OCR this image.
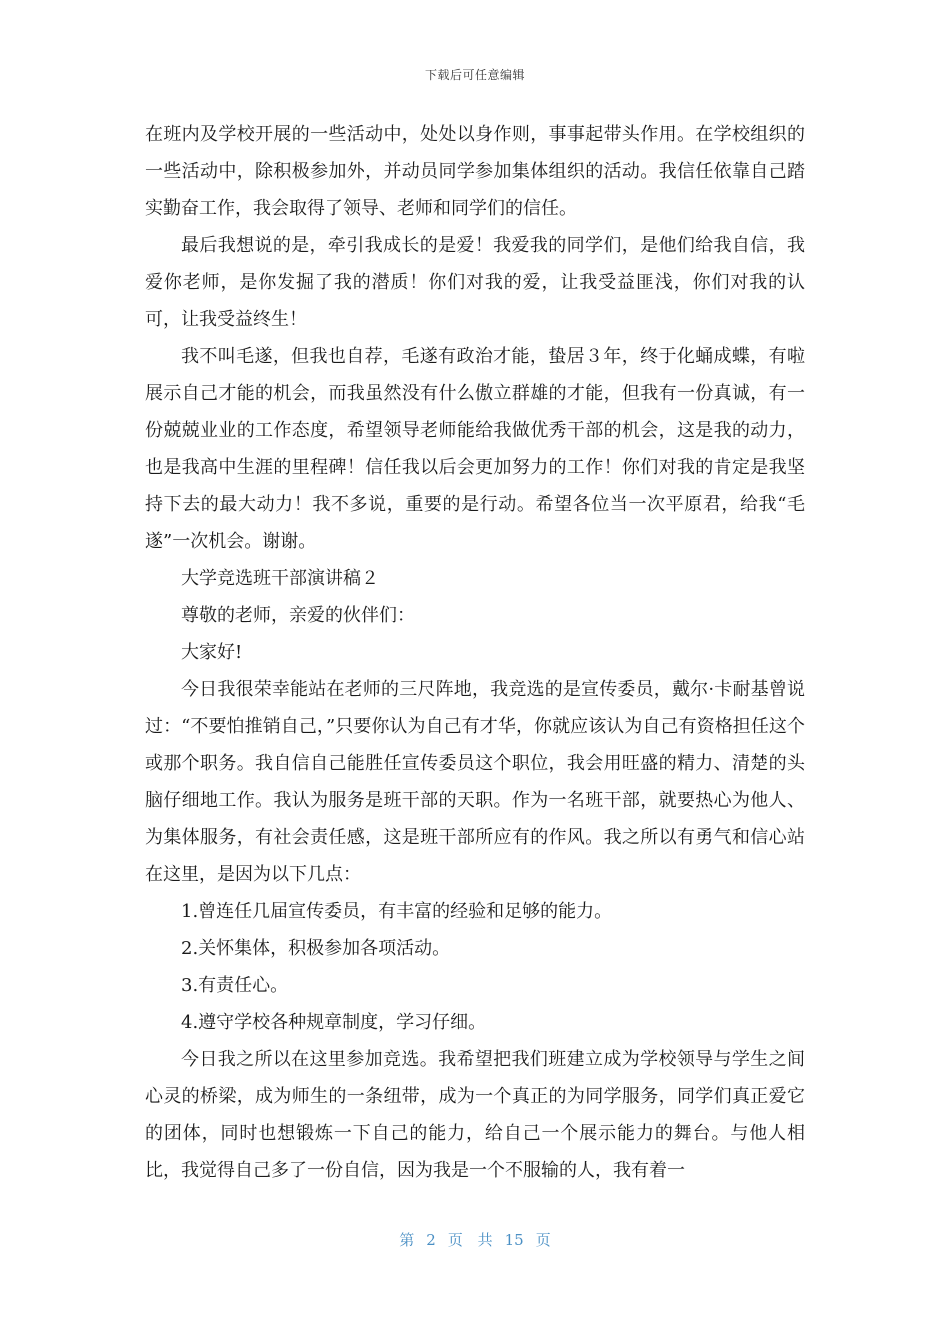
下载后可任意编辑

在班内及学校开展的一些活动中，处处以身作则，事事起带头作用。在学校组织的一些活动中，除积极参加外，并动员同学参加集体组织的活动。我信任依靠自己踏实勤奋工作，我会取得了领导、老师和同学们的信任。

最后我想说的是，牵引我成长的是爱！我爱我的同学们，是他们给我自信，我爱你老师，是你发掘了我的潜质！你们对我的爱，让我受益匪浅，你们对我的认可，让我受益终生！

我不叫毛遂，但我也自荐，毛遂有政治才能，蛰居３年，终于化蛹成蝶，有啦展示自己才能的机会，而我虽然没有什么傲立群雄的才能，但我有一份真诚，有一份兢兢业业的工作态度，希望领导老师能给我做优秀干部的机会，这是我的动力，也是我高中生涯的里程碑！信任我以后会更加努力的工作！你们对我的肯定是我坚持下去的最大动力！我不多说，重要的是行动。希望各位当一次平原君，给我“毛遂”一次机会。谢谢。

大学竞选班干部演讲稿２

尊敬的老师，亲爱的伙伴们：

大家好!

今日我很荣幸能站在老师的三尺阵地，我竞选的是宣传委员，戴尔·卡耐基曾说过：“不要怕推销自己，”只要你认为自己有才华，你就应该认为自己有资格担任这个或那个职务。我自信自己能胜任宣传委员这个职位，我会用旺盛的精力、清楚的头脑仔细地工作。我认为服务是班干部的天职。作为一名班干部，就要热心为他人、为集体服务，有社会责任感，这是班干部所应有的作风。我之所以有勇气和信心站在这里，是因为以下几点：

1.曾连任几届宣传委员，有丰富的经验和足够的能力。

2.关怀集体，积极参加各项活动。

3.有责任心。

4.遵守学校各种规章制度，学习仔细。

今日我之所以在这里参加竞选。我希望把我们班建立成为学校领导与学生之间心灵的桥梁，成为师生的一条纽带，成为一个真正的为同学服务，同学们真正爱它的团体，同时也想锻炼一下自己的能力，给自己一个展示能力的舞台。与他人相比，我觉得自己多了一份自信，因为我是一个不服输的人，我有着一

第 2 页 共 15 页
